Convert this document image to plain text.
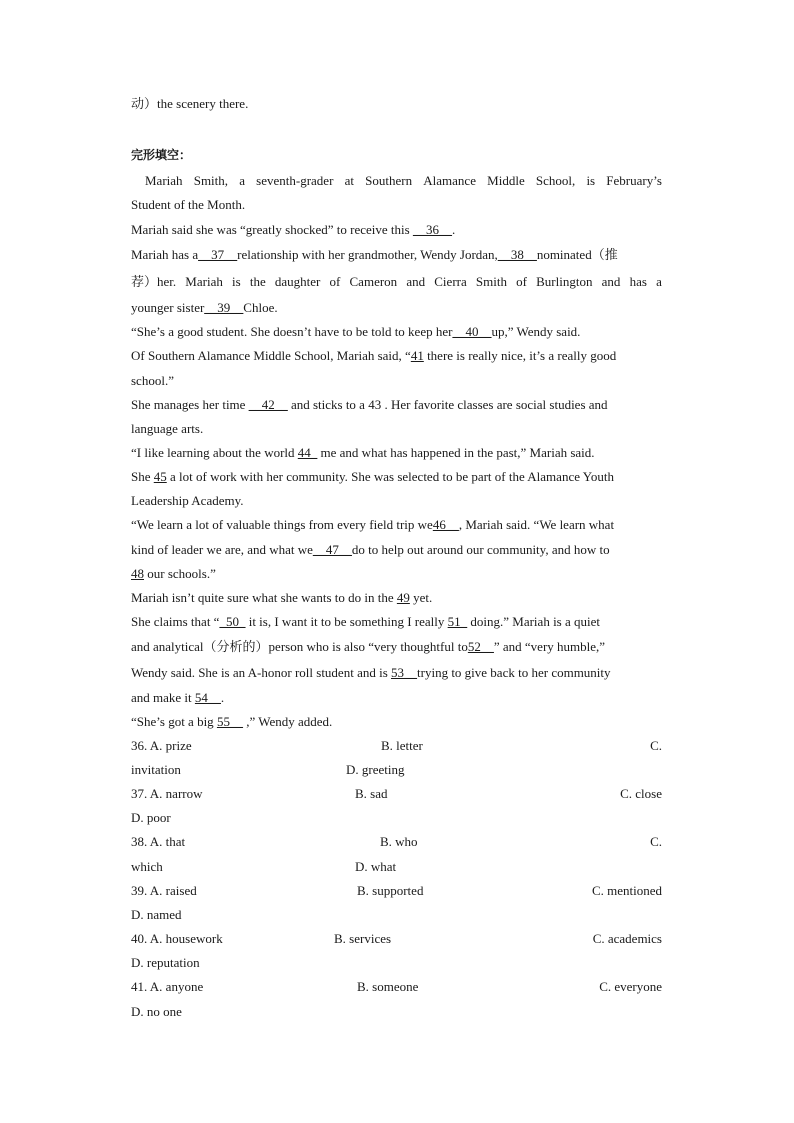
动）the scenery there.
完形填空：
Mariah Smith, a seventh-grader at Southern Alamance Middle School, is February’s
Student of the Month.
Mariah said she was “greatly shocked” to receive this __36__.
Mariah has a__37__relationship with her grandmother, Wendy Jordan,__38__nominated（推
荐）her. Mariah is the daughter of Cameron and Cierra Smith of Burlington and has a
younger sister__39__Chloe.
“She’s a good student. She doesn’t have to be told to keep her__40__up,” Wendy said.
Of Southern Alamance Middle School, Mariah said, “41 there is really nice, it’s a really good
school.”
She manages her time __42__ and sticks to a 43 . Her favorite classes are social studies and
language arts.
“I like learning about the world 44_ me and what has happened in the past,” Mariah said.
She 45 a lot of work with her community. She was selected to be part of the Alamance Youth
Leadership Academy.
“We learn a lot of valuable things from every field trip we46__, Mariah said. “We learn what
kind of leader we are, and what we__47__do to help out around our community, and how to
48 our schools.”
Mariah isn’t quite sure what she wants to do in the 49 yet.
She claims that “_50_ it is, I want it to be something I really 51_ doing.” Mariah is a quiet
and analytical（分析的）person who is also “very thoughtful to52__” and “very humble,”
Wendy said. She is an A-honor roll student and is 53__trying to give back to her community
and make it 54__.
“She’s got a big 55__ ,” Wendy added.
36. A. prize	B. letter	C.
invitation	D. greeting
37. A. narrow	B. sad	C. close
D. poor
38. A. that	B. who	C.
which	D. what
39. A. raised	B. supported	C. mentioned
D. named
40. A. housework	B. services	C. academics
D. reputation
41. A. anyone	B. someone	C. everyone
D. no one
